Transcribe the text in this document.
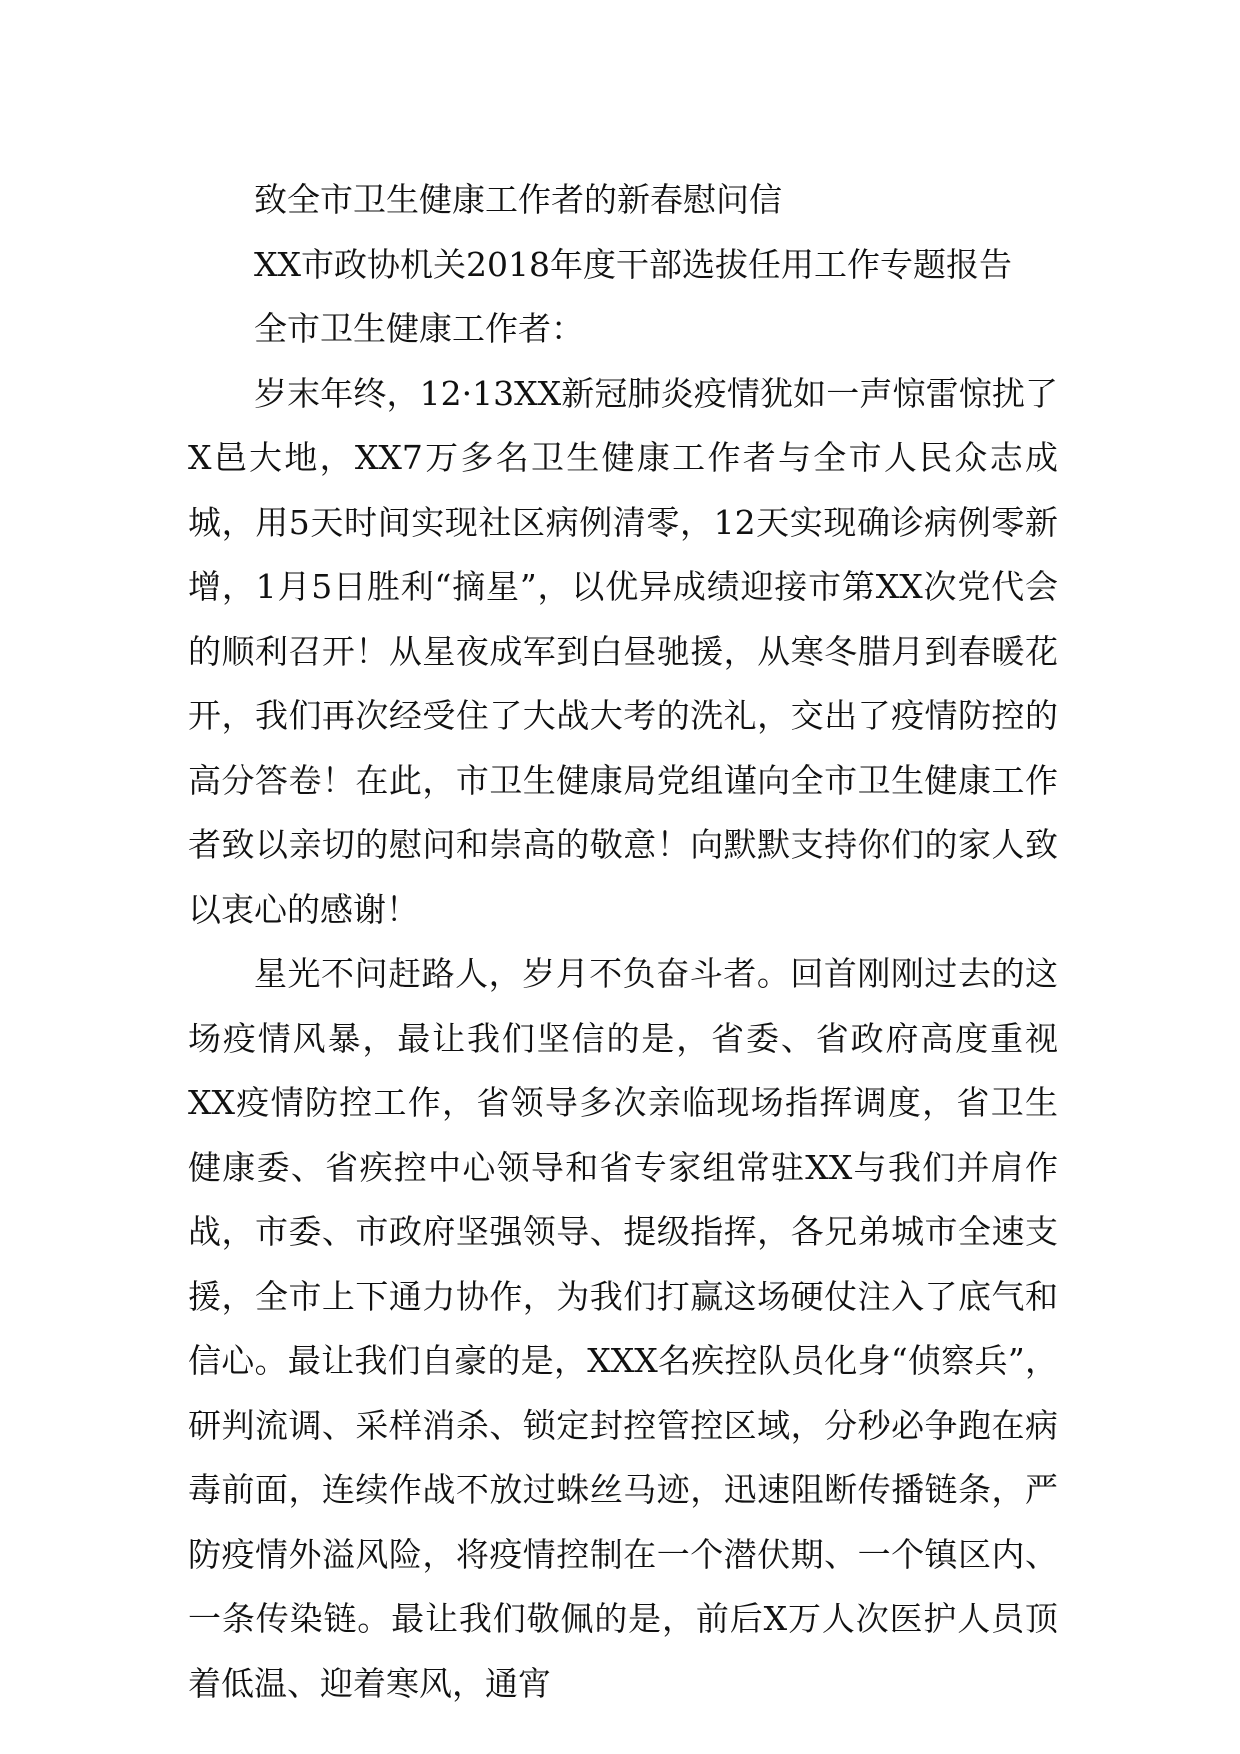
致全市卫生健康工作者的新春慰问信

XX市政协机关2018年度干部选拔任用工作专题报告

全市卫生健康工作者：

岁末年终，12·13XX新冠肺炎疫情犹如一声惊雷惊扰了X邑大地，XX7万多名卫生健康工作者与全市人民众志成城，用5天时间实现社区病例清零，12天实现确诊病例零新增，1月5日胜利“摘星”，以优异成绩迎接市第XX次党代会的顺利召开！从星夜成军到白昼驰援，从寒冬腊月到春暖花开，我们再次经受住了大战大考的洗礼，交出了疫情防控的高分答卷！在此，市卫生健康局党组谨向全市卫生健康工作者致以亲切的慰问和崇高的敬意！向默默支持你们的家人致以衷心的感谢！

星光不问赶路人，岁月不负奋斗者。回首刚刚过去的这场疫情风暴，最让我们坚信的是，省委、省政府高度重视XX疫情防控工作，省领导多次亲临现场指挥调度，省卫生健康委、省疾控中心领导和省专家组常驻XX与我们并肩作战，市委、市政府坚强领导、提级指挥，各兄弟城市全速支援，全市上下通力协作，为我们打赢这场硬仗注入了底气和信心。最让我们自豪的是，XXX名疾控队员化身“侦察兵”，研判流调、采样消杀、锁定封控管控区域，分秒必争跑在病毒前面，连续作战不放过蛛丝马迹，迅速阻断传播链条，严防疫情外溢风险，将疫情控制在一个潜伏期、一个镇区内、一条传染链。最让我们敬佩的是，前后X万人次医护人员顶着低温、迎着寒风，通宵
